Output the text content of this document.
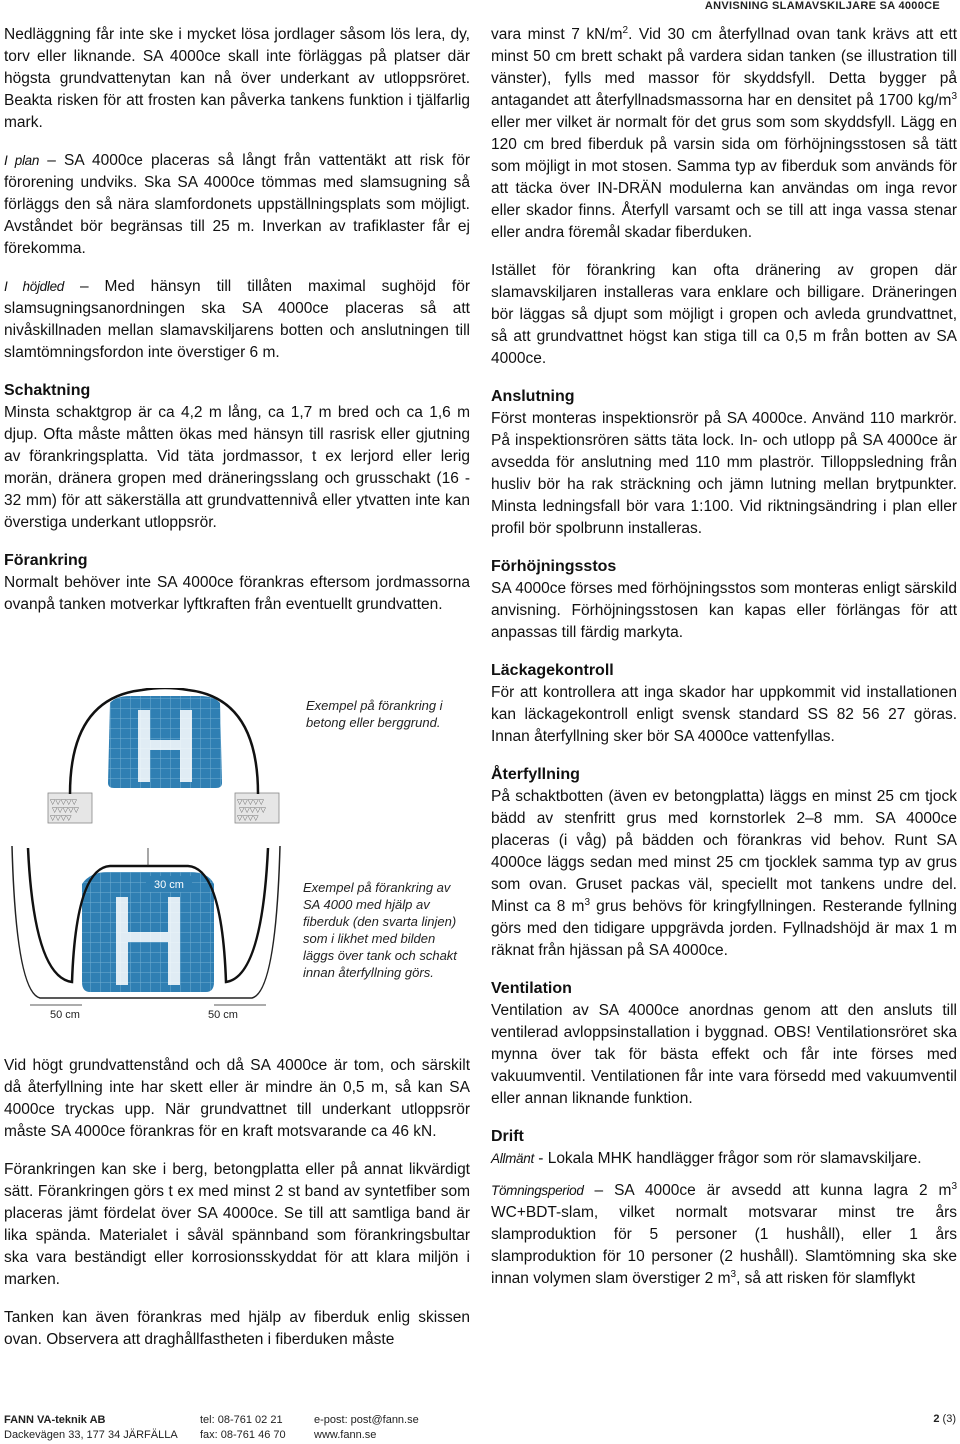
ANVISNING SLAMAVSKILJARE SA 4000CE

Nedläggning får inte ske i mycket lösa jordlager såsom lös lera, dy, torv eller liknande. SA 4000ce skall inte förläggas på platser där högsta grundvattenytan kan nå över underkant av utloppsröret. Beakta risken för att frosten kan påverka tankens funktion i tjälfarlig mark.

I plan – SA 4000ce placeras så långt från vattentäkt att risk för förorening undviks. Ska SA 4000ce tömmas med slamsugning så förläggs den så nära slamfordonets uppställningsplats som möjligt. Avståndet bör begränsas till 25 m. Inverkan av trafiklaster får ej förekomma.

I höjdled – Med hänsyn till tillåten maximal sughöjd för slamsugningsanordningen ska SA 4000ce placeras så att nivåskillnaden mellan slamavskiljarens botten och anslutningen till slamtömningsfordon inte överstiger 6 m.

Schaktning

Minsta schaktgrop är ca 4,2 m lång, ca 1,7 m bred och ca 1,6 m djup. Ofta måste måtten ökas med hänsyn till rasrisk eller gjutning av förankringsplatta. Vid täta jordmassor, t ex lerjord eller lerig morän, dränera gropen med dräneringsslang och grusschakt (16 - 32 mm) för att säkerställa att grundvattennivå eller ytvatten inte kan överstiga underkant utloppsrör.

Förankring

Normalt behöver inte SA 4000ce förankras eftersom jordmassorna ovanpå tanken motverkar lyftkraften från eventuellt grundvatten.

▽▽▽▽▽
▽▽▽▽▽
▽▽▽▽
▽▽▽▽▽
▽▽▽▽▽
▽▽▽▽
Exempel på förankring i betong eller berggrund.
30 cm
50 cm	50 cm
Exempel på förankring av SA 4000 med hjälp av fiberduk (den svarta linjen) som i likhet med bilden läggs över tank och schakt innan återfyllning görs.

Vid högt grundvattenstånd och då SA 4000ce är tom, och särskilt då återfyllning inte har skett eller är mindre än 0,5 m, så kan SA 4000ce tryckas upp. När grundvattnet till underkant utloppsrör måste SA 4000ce förankras för en kraft motsvarande ca 46 kN.

Förankringen kan ske i berg, betongplatta eller på annat likvärdigt sätt. Förankringen görs t ex med minst 2 st band av syntetfiber som placeras jämt fördelat över SA 4000ce. Se till att samtliga band är lika spända. Materialet i såväl spännband som förankringsbultar ska vara beständigt eller korrosionsskyddat för att klara miljön i marken.

Tanken kan även förankras med hjälp av fiberduk enlig skissen ovan. Observera att draghållfastheten i fiberduken måste

vara minst 7 $kN/m^2$. Vid 30 cm återfyllnad ovan tank krävs att ett minst 50 cm brett schakt på vardera sidan tanken (se illustration till vänster), fylls med massor för skyddsfyll. Detta bygger på antagandet att återfyllnadsmassorna har en densitet på 1700 $kg/m^3$ eller mer vilket är normalt för det grus som som skyddsfyll. Lägg en 120 cm bred fiberduk på varsin sida om förhöjningsstosen så tätt som möjligt in mot stosen. Samma typ av fiberduk som används för att täcka över IN-DRÄN modulerna kan användas om inga revor eller skador finns. Återfyll varsamt och se till att inga vassa stenar eller andra föremål skadar fiberduken.

Istället för förankring kan ofta dränering av gropen där slamavskiljaren installeras vara enklare och billigare. Dräneringen bör läggas så djupt som möjligt i gropen och avleda grundvattnet, så att grundvattnet högst kan stiga till ca 0,5 m från botten av SA 4000ce.

Anslutning

Först monteras inspektionsrör på SA 4000ce. Använd 110 markrör. På inspektionsrören sätts täta lock. In- och utlopp på SA 4000ce är avsedda för anslutning med 110 mm plaströr. Tilloppsledning från husliv bör ha rak sträckning och jämn lutning mellan brytpunkter. Minsta ledningsfall bör vara 1:100. Vid riktningsändring i plan eller profil bör spolbrunn installeras.

Förhöjningsstos

SA 4000ce förses med förhöjningsstos som monteras enligt särskild anvisning. Förhöjningsstosen kan kapas eller förlängas för att anpassas till färdig markyta.

Läckagekontroll

För att kontrollera att inga skador har uppkommit vid installationen kan läckagekontroll enligt svensk standard SS 82 56 27 göras. Innan återfyllning sker bör SA 4000ce vattenfyllas.

Återfyllning

På schaktbotten (även ev betongplatta) läggs en minst 25 cm tjock bädd av stenfritt grus med kornstorlek 2–8 mm. SA 4000ce placeras (i våg) på bädden och förankras vid behov. Runt SA 4000ce läggs sedan med minst 25 cm tjocklek samma typ av grus som ovan. Gruset packas väl, speciellt mot tankens undre del. Minst ca 8 $m^3$ grus behövs för kringfyllningen. Resterande fyllning görs med den tidigare uppgrävda jorden. Fyllnadshöjd är max 1 m räknat från hjässan på SA 4000ce.

Ventilation

Ventilation av SA 4000ce anordnas genom att den ansluts till ventilerad avloppsinstallation i byggnad. OBS! Ventilationsröret ska mynna över tak för bästa effekt och får inte förses med vakuumventil. Ventilationen får inte vara försedd med vakuumventil eller annan liknande funktion.

Drift

Allmänt - Lokala MHK handlägger frågor som rör slamavskiljare.

Tömningsperiod – SA 4000ce är avsedd att kunna lagra 2 $m^3$ WC+BDT-slam, vilket normalt motsvarar minst tre års slamproduktion för 5 personer (1 hushåll), eller 1 års slamproduktion för 10 personer (2 hushåll). Slamtömning ska ske innan volymen slam överstiger 2 $m^3$, så att risken för slamflykt

FANN VA-teknik AB
Dackevägen 33, 177 34 JÄRFÄLLA
tel: 08-761 02 21
fax: 08-761 46 70
e-post: post@fann.se
www.fann.se
2 (3)
